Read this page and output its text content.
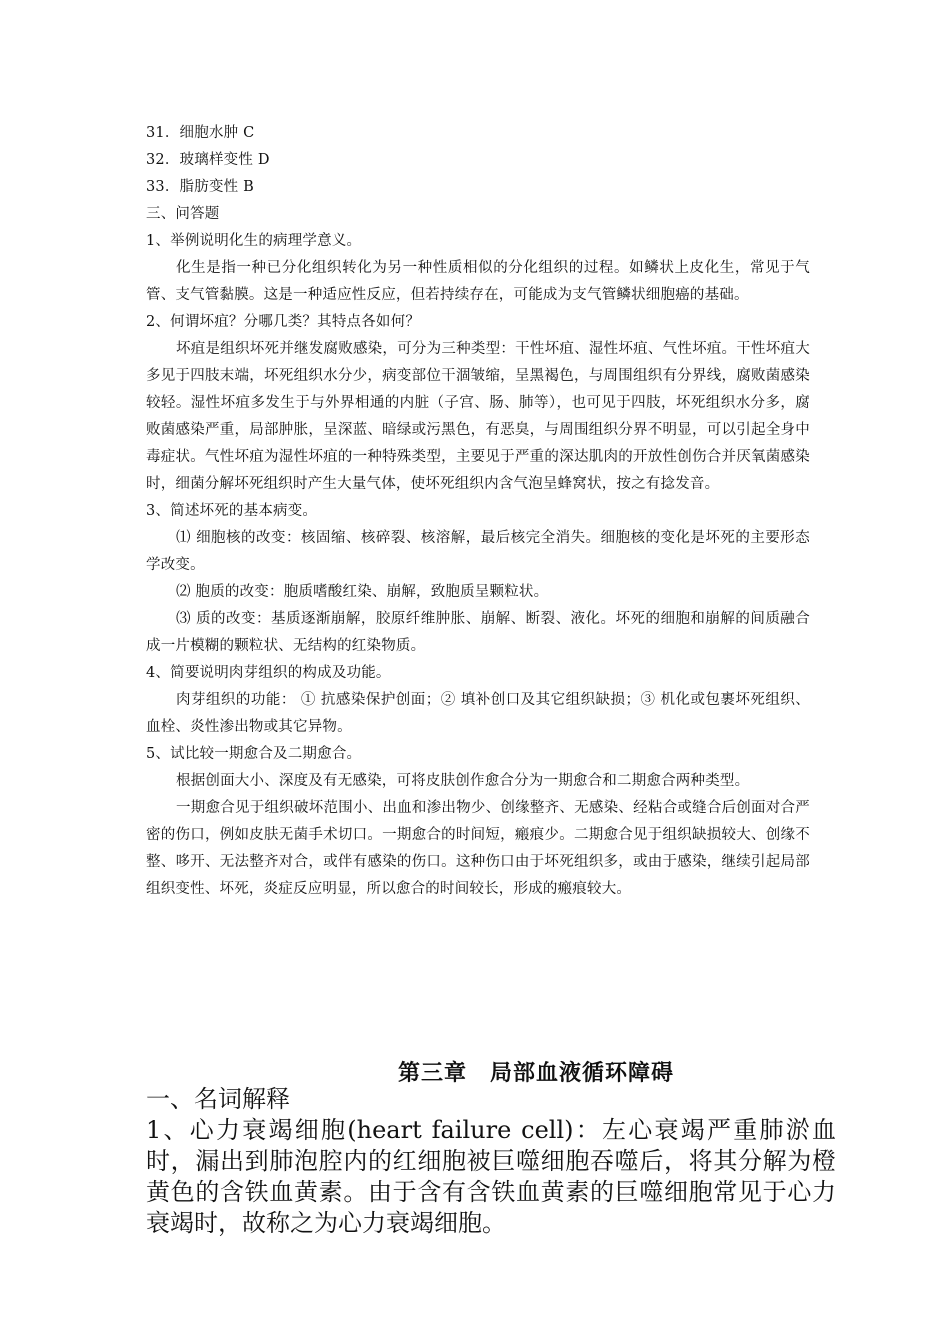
31．细胞水肿 C
32．玻璃样变性 D
33．脂肪变性 B
三、问答题
1、举例说明化生的病理学意义。
化生是指一种已分化组织转化为另一种性质相似的分化组织的过程。如鳞状上皮化生，常见于气管、支气管黏膜。这是一种适应性反应，但若持续存在，可能成为支气管鳞状细胞癌的基础。
2、何谓坏疽？分哪几类？其特点各如何？
坏疽是组织坏死并继发腐败感染，可分为三种类型：干性坏疽、湿性坏疽、气性坏疽。干性坏疽大多见于四肢末端，坏死组织水分少，病变部位干涸皱缩，呈黑褐色，与周围组织有分界线，腐败菌感染较轻。湿性坏疽多发生于与外界相通的内脏（子宫、肠、肺等），也可见于四肢，坏死组织水分多，腐败菌感染严重，局部肿胀，呈深蓝、暗绿或污黑色，有恶臭，与周围组织分界不明显，可以引起全身中毒症状。气性坏疽为湿性坏疽的一种特殊类型，主要见于严重的深达肌肉的开放性创伤合并厌氧菌感染时，细菌分解坏死组织时产生大量气体，使坏死组织内含气泡呈蜂窝状，按之有捻发音。
3、简述坏死的基本病变。
⑴ 细胞核的改变：核固缩、核碎裂、核溶解，最后核完全消失。细胞核的变化是坏死的主要形态学改变。
⑵ 胞质的改变：胞质嗜酸红染、崩解，致胞质呈颗粒状。
⑶ 质的改变：基质逐渐崩解，胶原纤维肿胀、崩解、断裂、液化。坏死的细胞和崩解的间质融合成一片模糊的颗粒状、无结构的红染物质。
4、简要说明肉芽组织的构成及功能。
肉芽组织的功能： ① 抗感染保护创面；② 填补创口及其它组织缺损；③ 机化或包裹坏死组织、血栓、炎性渗出物或其它异物。
5、试比较一期愈合及二期愈合。
根据创面大小、深度及有无感染，可将皮肤创作愈合分为一期愈合和二期愈合两种类型。
一期愈合见于组织破坏范围小、出血和渗出物少、创缘整齐、无感染、经粘合或缝合后创面对合严密的伤口，例如皮肤无菌手术切口。一期愈合的时间短，瘢痕少。二期愈合见于组织缺损较大、创缘不整、哆开、无法整齐对合，或伴有感染的伤口。这种伤口由于坏死组织多，或由于感染，继续引起局部组织变性、坏死，炎症反应明显，所以愈合的时间较长，形成的瘢痕较大。
第三章　局部血液循环障碍
一、名词解释
1、心力衰竭细胞(heart failure cell)：左心衰竭严重肺淤血时，漏出到肺泡腔内的红细胞被巨噬细胞吞噬后，将其分解为橙黄色的含铁血黄素。由于含有含铁血黄素的巨噬细胞常见于心力衰竭时，故称之为心力衰竭细胞。
